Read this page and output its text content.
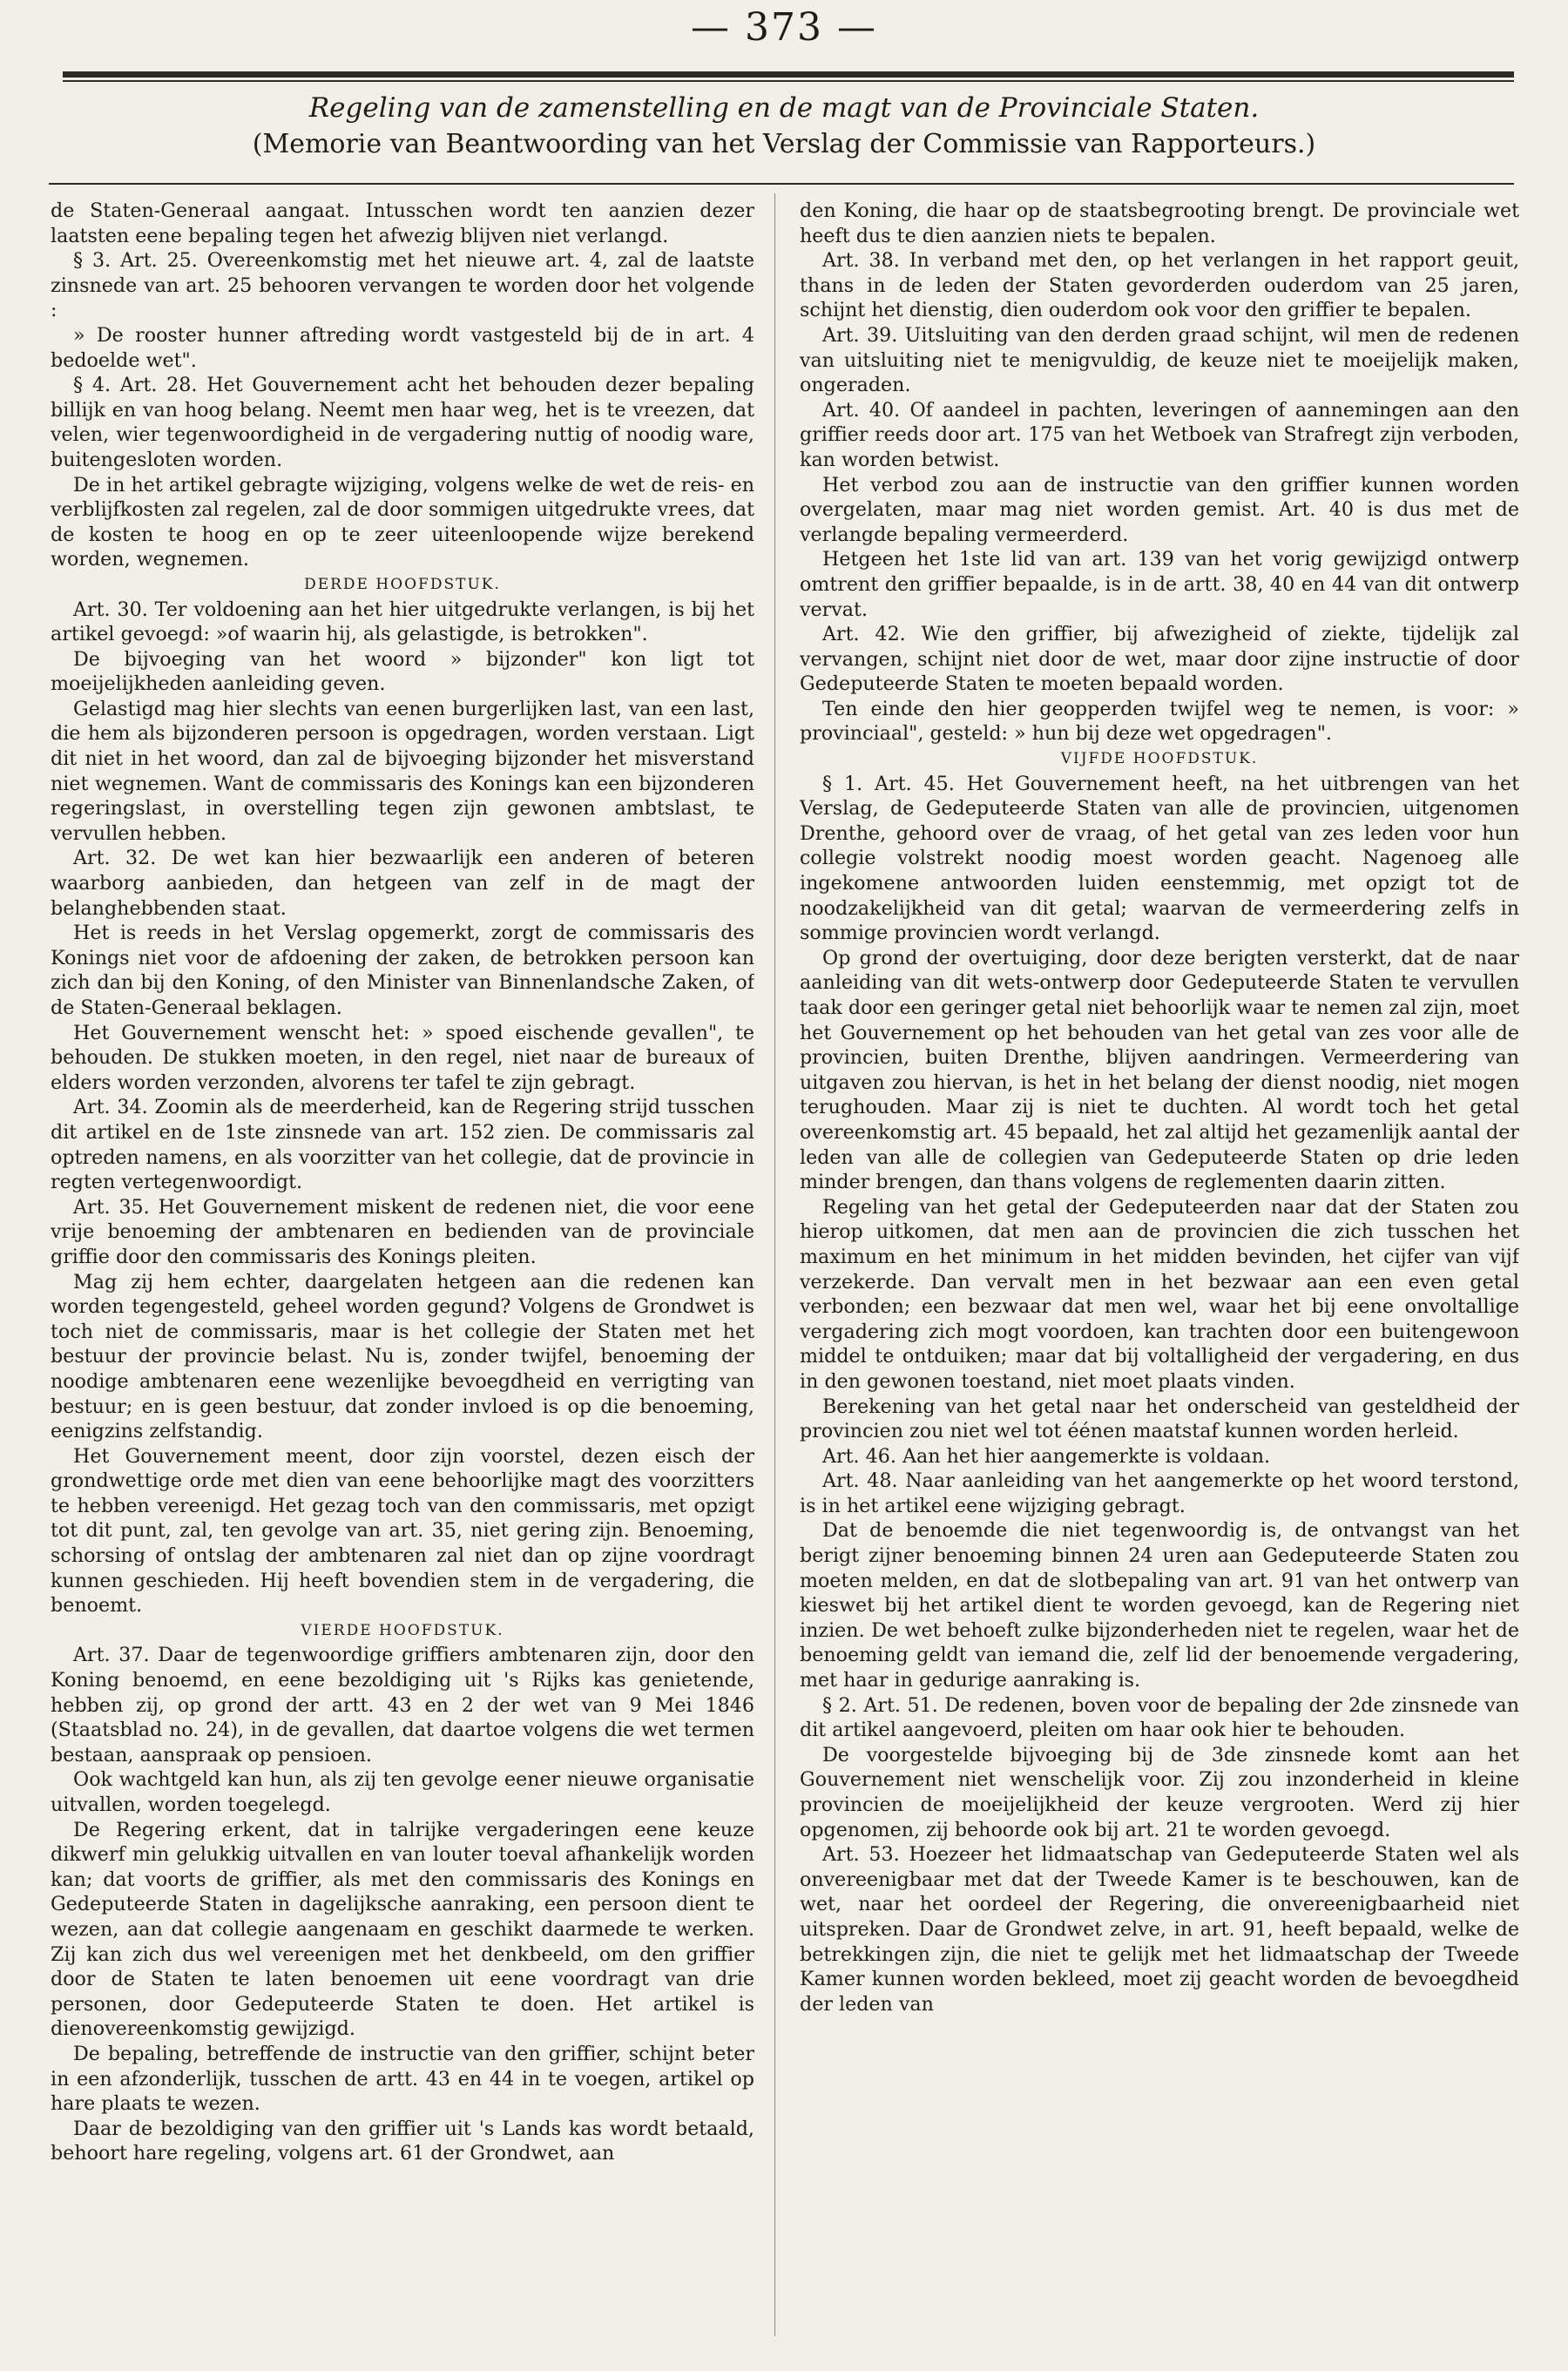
— 373 —
Regeling van de zamenstelling en de magt van de Provinciale Staten.
(Memorie van Beantwoording van het Verslag der Commissie van Rapporteurs.)

de Staten-Generaal aangaat. Intusschen wordt ten aanzien dezer laatsten eene bepaling tegen het afwezig blijven niet verlangd.

§ 3. Art. 25. Overeenkomstig met het nieuwe art. 4, zal de laatste zinsnede van art. 25 behooren vervangen te worden door het volgende :

» De rooster hunner aftreding wordt vastgesteld bij de in art. 4 bedoelde wet".

§ 4. Art. 28. Het Gouvernement acht het behouden dezer bepaling billijk en van hoog belang. Neemt men haar weg, het is te vreezen, dat velen, wier tegenwoordigheid in de vergadering nuttig of noodig ware, buitengesloten worden.

De in het artikel gebragte wijziging, volgens welke de wet de reis- en verblijfkosten zal regelen, zal de door sommigen uitgedrukte vrees, dat de kosten te hoog en op te zeer uiteenloopende wijze berekend worden, wegnemen.

DERDE HOOFDSTUK.

Art. 30. Ter voldoening aan het hier uitgedrukte verlangen, is bij het artikel gevoegd: »of waarin hij, als gelastigde, is betrokken".

De bijvoeging van het woord » bijzonder" kon ligt tot moeijelijkheden aanleiding geven.

Gelastigd mag hier slechts van eenen burgerlijken last, van een last, die hem als bijzonderen persoon is opgedragen, worden verstaan. Ligt dit niet in het woord, dan zal de bijvoeging bijzonder het misverstand niet wegnemen. Want de commissaris des Konings kan een bijzonderen regeringslast, in overstelling tegen zijn gewonen ambtslast, te vervullen hebben.

Art. 32. De wet kan hier bezwaarlijk een anderen of beteren waarborg aanbieden, dan hetgeen van zelf in de magt der belanghebbenden staat.

Het is reeds in het Verslag opgemerkt, zorgt de commissaris des Konings niet voor de afdoening der zaken, de betrokken persoon kan zich dan bij den Koning, of den Minister van Binnenlandsche Zaken, of de Staten-Generaal beklagen.

Het Gouvernement wenscht het: » spoed eischende gevallen", te behouden. De stukken moeten, in den regel, niet naar de bureaux of elders worden verzonden, alvorens ter tafel te zijn gebragt.

Art. 34. Zoomin als de meerderheid, kan de Regering strijd tusschen dit artikel en de 1ste zinsnede van art. 152 zien. De commissaris zal optreden namens, en als voorzitter van het collegie, dat de provincie in regten vertegenwoordigt.

Art. 35. Het Gouvernement miskent de redenen niet, die voor eene vrije benoeming der ambtenaren en bedienden van de provinciale griffie door den commissaris des Konings pleiten.

Mag zij hem echter, daargelaten hetgeen aan die redenen kan worden tegengesteld, geheel worden gegund? Volgens de Grondwet is toch niet de commissaris, maar is het collegie der Staten met het bestuur der provincie belast. Nu is, zonder twijfel, benoeming der noodige ambtenaren eene wezenlijke bevoegdheid en verrigting van bestuur; en is geen bestuur, dat zonder invloed is op die benoeming, eenigzins zelfstandig.

Het Gouvernement meent, door zijn voorstel, dezen eisch der grondwettige orde met dien van eene behoorlijke magt des voorzitters te hebben vereenigd. Het gezag toch van den commissaris, met opzigt tot dit punt, zal, ten gevolge van art. 35, niet gering zijn. Benoeming, schorsing of ontslag der ambtenaren zal niet dan op zijne voordragt kunnen geschieden. Hij heeft bovendien stem in de vergadering, die benoemt.

VIERDE HOOFDSTUK.

Art. 37. Daar de tegenwoordige griffiers ambtenaren zijn, door den Koning benoemd, en eene bezoldiging uit 's Rijks kas genietende, hebben zij, op grond der artt. 43 en 2 der wet van 9 Mei 1846 (Staatsblad no. 24), in de gevallen, dat daartoe volgens die wet termen bestaan, aanspraak op pensioen.

Ook wachtgeld kan hun, als zij ten gevolge eener nieuwe organisatie uitvallen, worden toegelegd.

De Regering erkent, dat in talrijke vergaderingen eene keuze dikwerf min gelukkig uitvallen en van louter toeval afhankelijk worden kan; dat voorts de griffier, als met den commissaris des Konings en Gedeputeerde Staten in dagelijksche aanraking, een persoon dient te wezen, aan dat collegie aangenaam en geschikt daarmede te werken. Zij kan zich dus wel vereenigen met het denkbeeld, om den griffier door de Staten te laten benoemen uit eene voordragt van drie personen, door Gedeputeerde Staten te doen. Het artikel is dienovereenkomstig gewijzigd.

De bepaling, betreffende de instructie van den griffier, schijnt beter in een afzonderlijk, tusschen de artt. 43 en 44 in te voegen, artikel op hare plaats te wezen.

Daar de bezoldiging van den griffier uit 's Lands kas wordt betaald, behoort hare regeling, volgens art. 61 der Grondwet, aan

den Koning, die haar op de staatsbegrooting brengt. De provinciale wet heeft dus te dien aanzien niets te bepalen.

Art. 38. In verband met den, op het verlangen in het rapport geuit, thans in de leden der Staten gevorderden ouderdom van 25 jaren, schijnt het dienstig, dien ouderdom ook voor den griffier te bepalen.

Art. 39. Uitsluiting van den derden graad schijnt, wil men de redenen van uitsluiting niet te menigvuldig, de keuze niet te moeijelijk maken, ongeraden.

Art. 40. Of aandeel in pachten, leveringen of aannemingen aan den griffier reeds door art. 175 van het Wetboek van Strafregt zijn verboden, kan worden betwist.

Het verbod zou aan de instructie van den griffier kunnen worden overgelaten, maar mag niet worden gemist. Art. 40 is dus met de verlangde bepaling vermeerderd.

Hetgeen het 1ste lid van art. 139 van het vorig gewijzigd ontwerp omtrent den griffier bepaalde, is in de artt. 38, 40 en 44 van dit ontwerp vervat.

Art. 42. Wie den griffier, bij afwezigheid of ziekte, tijdelijk zal vervangen, schijnt niet door de wet, maar door zijne instructie of door Gedeputeerde Staten te moeten bepaald worden.

Ten einde den hier geopperden twijfel weg te nemen, is voor: » provinciaal", gesteld: » hun bij deze wet opgedragen".

VIJFDE HOOFDSTUK.

§ 1. Art. 45. Het Gouvernement heeft, na het uitbrengen van het Verslag, de Gedeputeerde Staten van alle de provincien, uitgenomen Drenthe, gehoord over de vraag, of het getal van zes leden voor hun collegie volstrekt noodig moest worden geacht. Nagenoeg alle ingekomene antwoorden luiden eenstemmig, met opzigt tot de noodzakelijkheid van dit getal; waarvan de vermeerdering zelfs in sommige provincien wordt verlangd.

Op grond der overtuiging, door deze berigten versterkt, dat de naar aanleiding van dit wets-ontwerp door Gedeputeerde Staten te vervullen taak door een geringer getal niet behoorlijk waar te nemen zal zijn, moet het Gouvernement op het behouden van het getal van zes voor alle de provincien, buiten Drenthe, blijven aandringen. Vermeerdering van uitgaven zou hiervan, is het in het belang der dienst noodig, niet mogen terughouden. Maar zij is niet te duchten. Al wordt toch het getal overeenkomstig art. 45 bepaald, het zal altijd het gezamenlijk aantal der leden van alle de collegien van Gedeputeerde Staten op drie leden minder brengen, dan thans volgens de reglementen daarin zitten.

Regeling van het getal der Gedeputeerden naar dat der Staten zou hierop uitkomen, dat men aan de provincien die zich tusschen het maximum en het minimum in het midden bevinden, het cijfer van vijf verzekerde. Dan vervalt men in het bezwaar aan een even getal verbonden; een bezwaar dat men wel, waar het bij eene onvoltallige vergadering zich mogt voordoen, kan trachten door een buitengewoon middel te ontduiken; maar dat bij voltalligheid der vergadering, en dus in den gewonen toestand, niet moet plaats vinden.

Berekening van het getal naar het onderscheid van gesteldheid der provincien zou niet wel tot éénen maatstaf kunnen worden herleid.

Art. 46. Aan het hier aangemerkte is voldaan.

Art. 48. Naar aanleiding van het aangemerkte op het woord terstond, is in het artikel eene wijziging gebragt.

Dat de benoemde die niet tegenwoordig is, de ontvangst van het berigt zijner benoeming binnen 24 uren aan Gedeputeerde Staten zou moeten melden, en dat de slotbepaling van art. 91 van het ontwerp van kieswet bij het artikel dient te worden gevoegd, kan de Regering niet inzien. De wet behoeft zulke bijzonderheden niet te regelen, waar het de benoeming geldt van iemand die, zelf lid der benoemende vergadering, met haar in gedurige aanraking is.

§ 2. Art. 51. De redenen, boven voor de bepaling der 2de zinsnede van dit artikel aangevoerd, pleiten om haar ook hier te behouden.

De voorgestelde bijvoeging bij de 3de zinsnede komt aan het Gouvernement niet wenschelijk voor. Zij zou inzonderheid in kleine provincien de moeijelijkheid der keuze vergrooten. Werd zij hier opgenomen, zij behoorde ook bij art. 21 te worden gevoegd.

Art. 53. Hoezeer het lidmaatschap van Gedeputeerde Staten wel als onvereenigbaar met dat der Tweede Kamer is te beschouwen, kan de wet, naar het oordeel der Regering, die onvereenigbaarheid niet uitspreken. Daar de Grondwet zelve, in art. 91, heeft bepaald, welke de betrekkingen zijn, die niet te gelijk met het lidmaatschap der Tweede Kamer kunnen worden bekleed, moet zij geacht worden de bevoegdheid der leden van
